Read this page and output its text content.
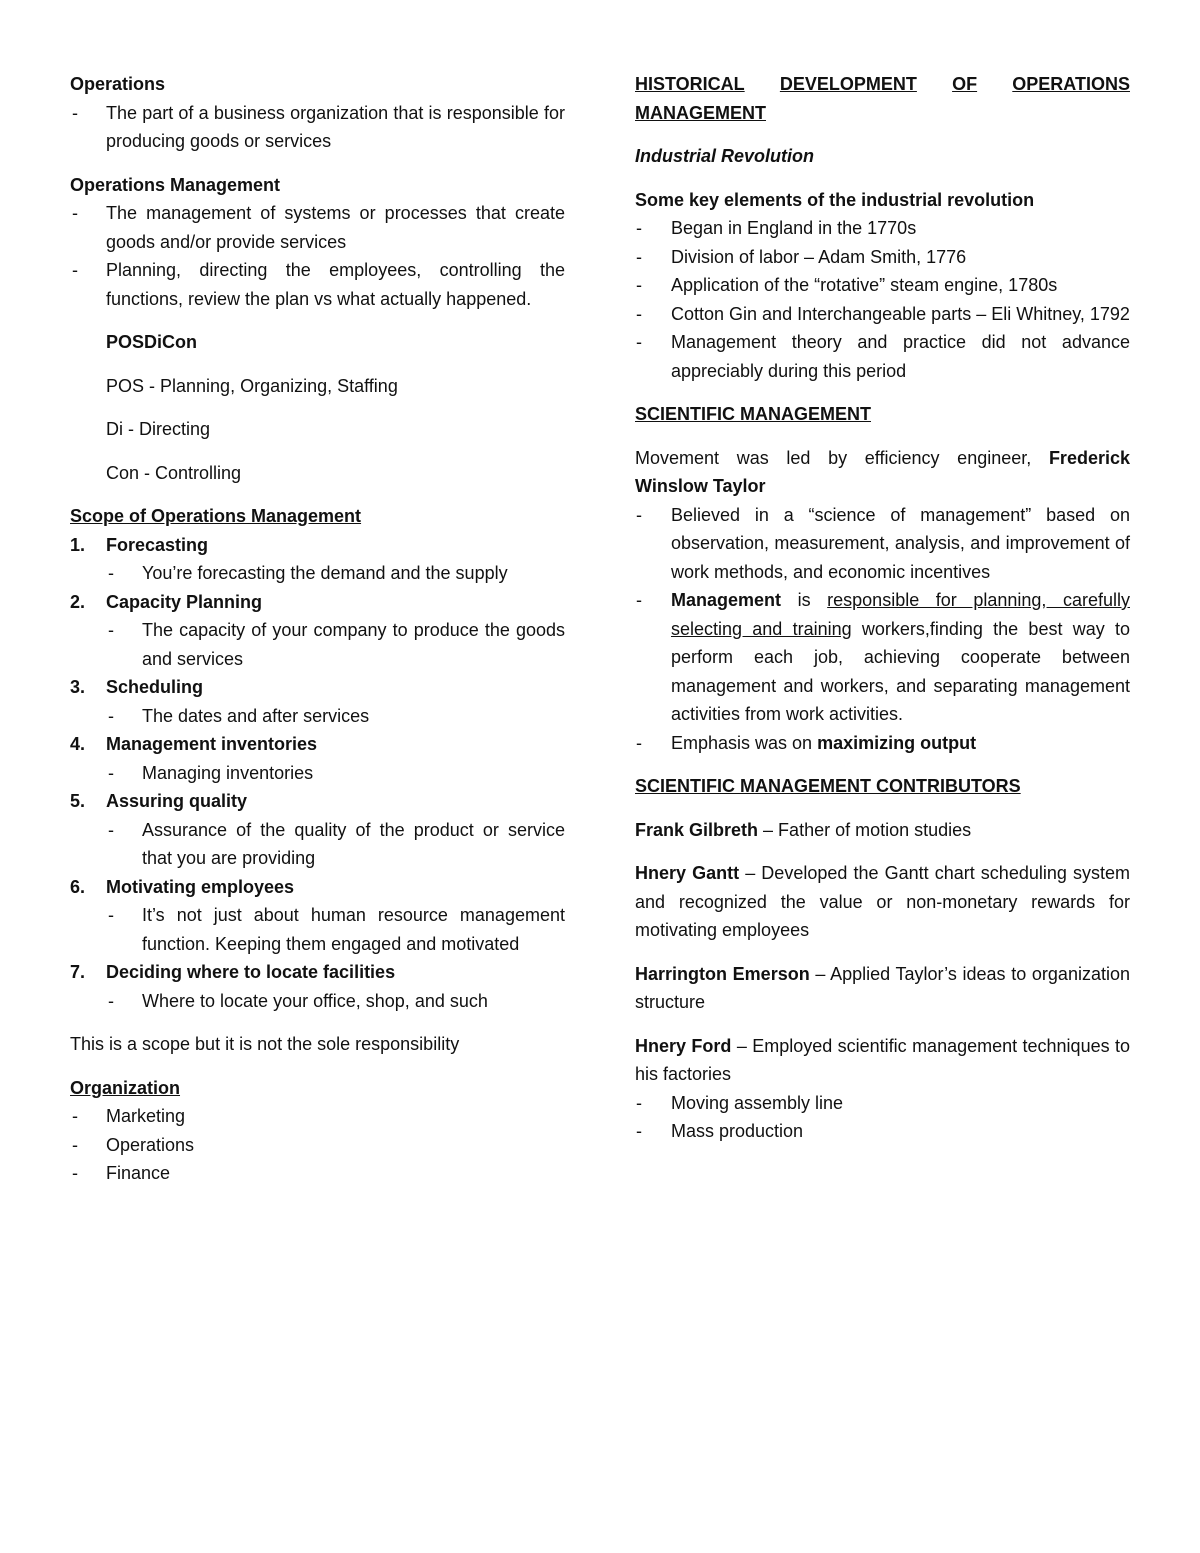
Operations

- The part of a business organization that is responsible for producing goods or services

Operations Management

- The management of systems or processes that create goods and/or provide services
- Planning, directing the employees, controlling the functions, review the plan vs what actually happened.

POSDiCon

POS - Planning, Organizing, Staffing

Di - Directing

Con - Controlling

Scope of Operations Management

1. Forecasting
- You’re forecasting the demand and the supply
2. Capacity Planning
- The capacity of your company to produce the goods and services
3. Scheduling
- The dates and after services
4. Management inventories
- Managing inventories
5. Assuring quality
- Assurance of the quality of the product or service that you are providing
6. Motivating employees
- It’s not just about human resource management function. Keeping them engaged and motivated
7. Deciding where to locate facilities
- Where to locate your office, shop, and such

This is a scope but it is not the sole responsibility

Organization

- Marketing
- Operations
- Finance
HISTORICAL DEVELOPMENT OF OPERATIONS

MANAGEMENT

Industrial Revolution

Some key elements of the industrial revolution

- Began in England in the 1770s
- Division of labor – Adam Smith, 1776
- Application of the “rotative” steam engine, 1780s
- Cotton Gin and Interchangeable parts – Eli Whitney, 1792
- Management theory and practice did not advance appreciably during this period

SCIENTIFIC MANAGEMENT

Movement was led by efficiency engineer, Frederick Winslow Taylor

- Believed in a “science of management” based on observation, measurement, analysis, and improvement of work methods, and economic incentives
- Management is responsible for planning, carefully selecting and training workers,finding the best way to perform each job, achieving cooperate between management and workers, and separating management activities from work activities.
- Emphasis was on maximizing output

SCIENTIFIC MANAGEMENT CONTRIBUTORS

Frank Gilbreth – Father of motion studies

Hnery Gantt – Developed the Gantt chart scheduling system and recognized the value or non-monetary rewards for motivating employees

Harrington Emerson – Applied Taylor’s ideas to organization structure

Hnery Ford – Employed scientific management techniques to his factories

- Moving assembly line
- Mass production
